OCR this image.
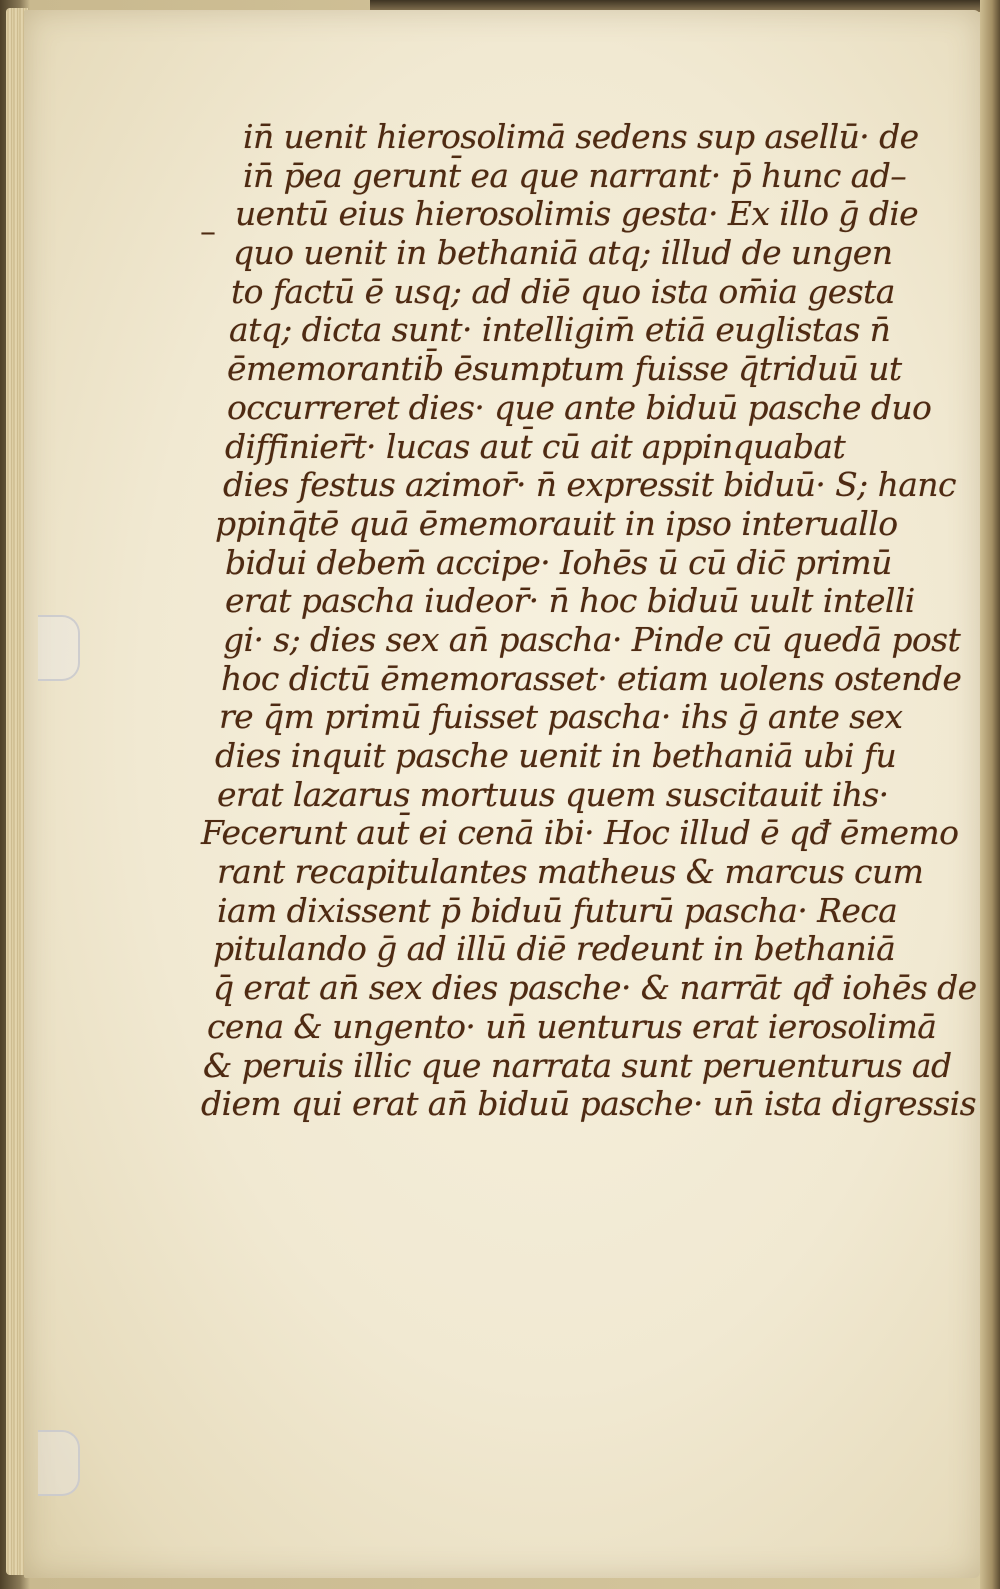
–
in̄ uenit hierosolimā sedens sup asellū· de
in̄ p̄ea gerunt̄ ea que narrant· p̄ hunc ad–
uentū eius hierosolimis gesta· Ex illo ḡ die
quo uenit in bethaniā atq; illud de ungen
to factū ē usq; ad diē quo ista om̄ia gesta
atq; dicta sunt· intelligim̄ etiā euglistas n̄
ēmemorantib̄ ēsumptum fuisse q̄triduū ut
occurreret dies· que ante biduū pasche duo
diffinier̄t· lucas aut̄ cū ait appinquabat
dies festus azimor̄· n̄ expressit biduū· S; hanc
ppinq̄tē quā ēmemorauit in ipso interuallo
bidui debem̄ accipe· Iohēs ū cū dic̄ primū
erat pascha iudeor̄· n̄ hoc biduū uult intelli
gi· s; dies sex an̄ pascha· Pinde cū quedā post
hoc dictū ēmemorasset· etiam uolens ostende
re q̄m primū fuisset pascha· ihs ḡ ante sex
dies inquit pasche uenit in bethaniā ubi fu
erat lazarus mortuus quem suscitauit ihs·
Fecerunt aut̄ ei cenā ibi· Hoc illud ē qđ ēmemo
rant recapitulantes matheus & marcus cum
iam dixissent p̄ biduū futurū pascha· Reca
pitulando ḡ ad illū diē redeunt in bethaniā
q̄ erat an̄ sex dies pasche· & narrāt qđ iohēs de
cena & ungento· un̄ uenturus erat ierosolimā
& peruis illic que narrata sunt peruenturus ad
diem qui erat an̄ biduū pasche· un̄ ista digressis
